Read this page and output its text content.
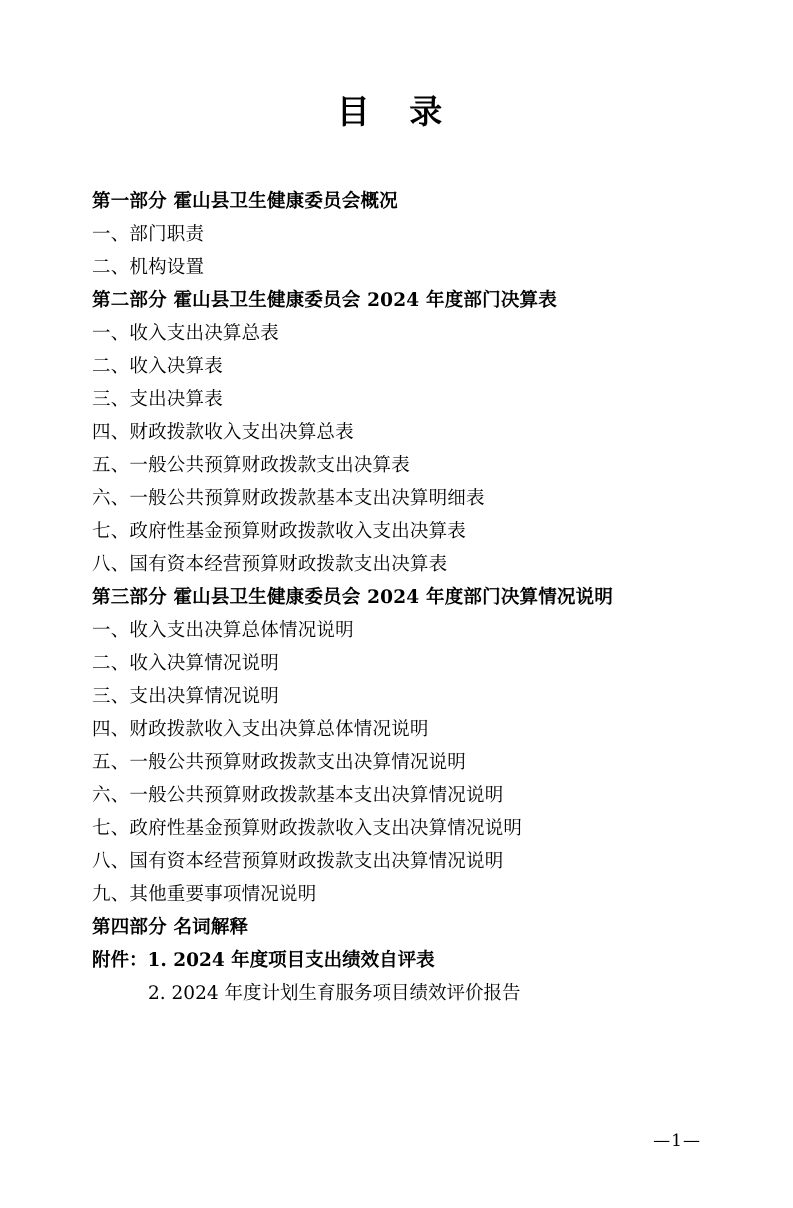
目 录
第一部分 霍山县卫生健康委员会概况
一、部门职责
二、机构设置
第二部分 霍山县卫生健康委员会 2024 年度部门决算表
一、收入支出决算总表
二、收入决算表
三、支出决算表
四、财政拨款收入支出决算总表
五、一般公共预算财政拨款支出决算表
六、一般公共预算财政拨款基本支出决算明细表
七、政府性基金预算财政拨款收入支出决算表
八、国有资本经营预算财政拨款支出决算表
第三部分 霍山县卫生健康委员会 2024 年度部门决算情况说明
一、收入支出决算总体情况说明
二、收入决算情况说明
三、支出决算情况说明
四、财政拨款收入支出决算总体情况说明
五、一般公共预算财政拨款支出决算情况说明
六、一般公共预算财政拨款基本支出决算情况说明
七、政府性基金预算财政拨款收入支出决算情况说明
八、国有资本经营预算财政拨款支出决算情况说明
九、其他重要事项情况说明
第四部分 名词解释
附件：1. 2024 年度项目支出绩效自评表
2. 2024 年度计划生育服务项目绩效评价报告
—1—
